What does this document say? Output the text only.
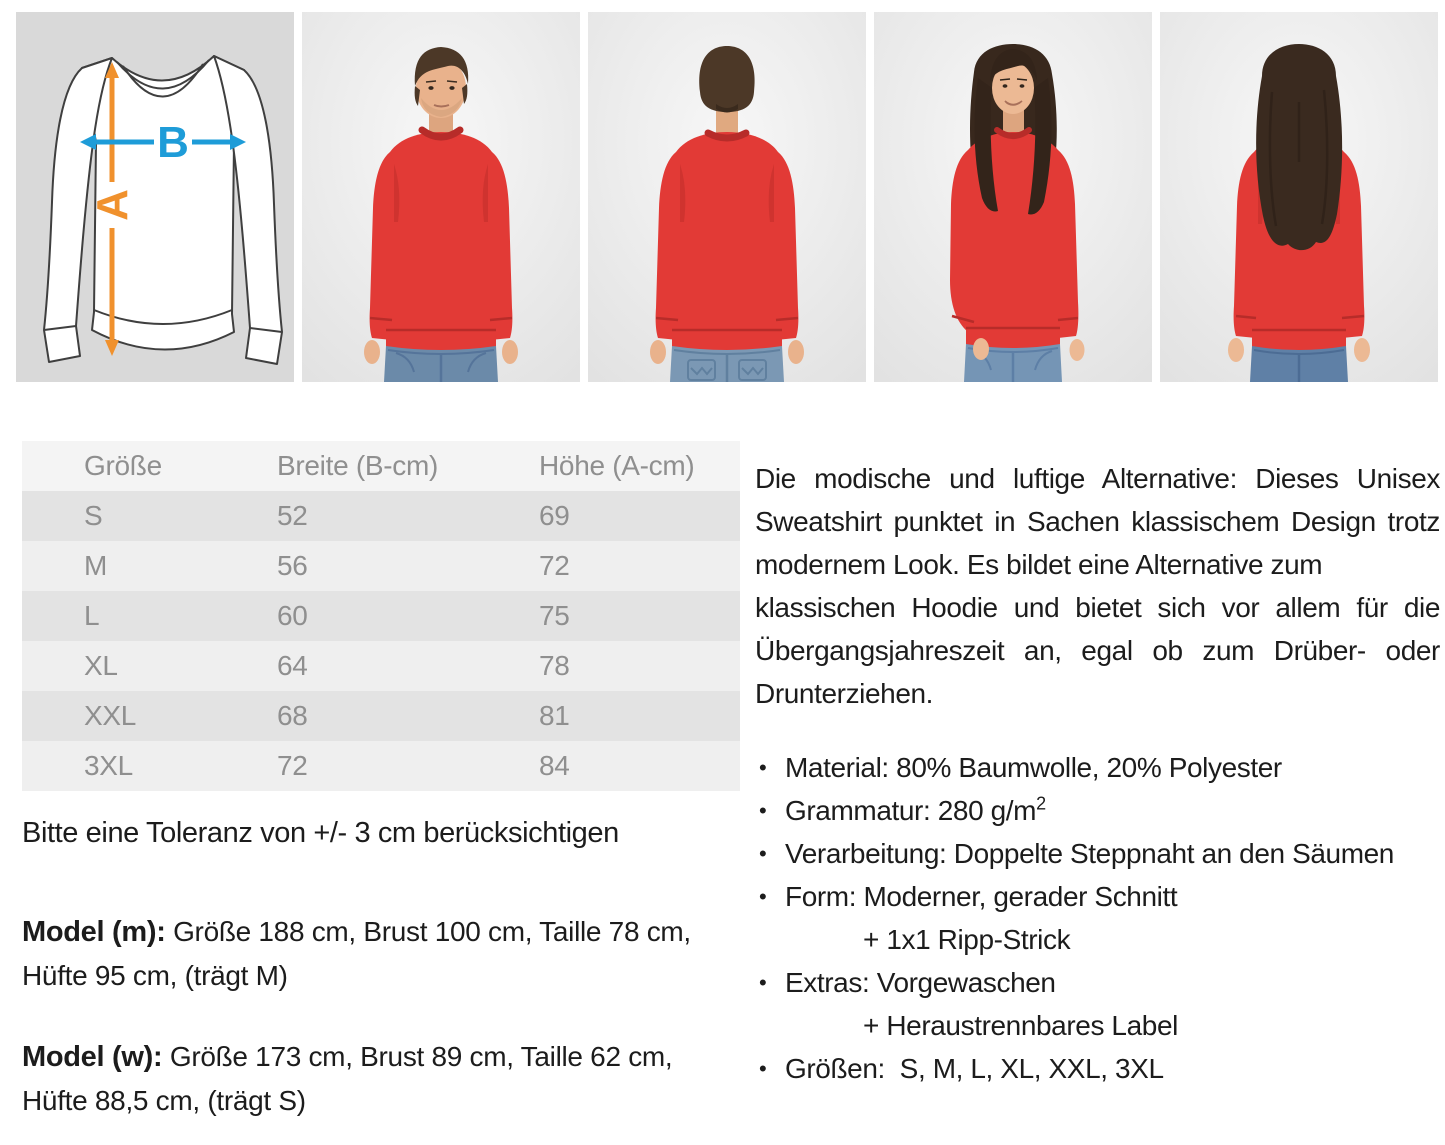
A
B
Größe	Breite (B-cm)	Höhe (A-cm)
S	52	69
M	56	72
L	60	75
XL	64	78
XXL	68	81
3XL	72	84

Bitte eine Toleranz von +/- 3 cm berücksichtigen

Model (m): Größe 188 cm, Brust 100 cm, Taille 78 cm,
Hüfte 95 cm, (trägt M)
Model (w): Größe 173 cm, Brust 89 cm, Taille 62 cm,
Hüfte 88,5 cm, (trägt S)
Die modische und luftige Alternative: Dieses Unisex
Sweatshirt punktet in Sachen klassischem Design trotz
modernem Look. Es bildet eine Alternative zum
klassischen Hoodie und bietet sich vor allem für die
Übergangsjahreszeit an, egal ob zum Drüber- oder
Drunterziehen.
• Material: 80% Baumwolle, 20% Polyester
• Grammatur: 280 $g/m^2$
• Verarbeitung: Doppelte Steppnaht an den Säumen
• Form: Moderner, gerader Schnitt
+ 1x1 Ripp-Strick
• Extras: Vorgewaschen
+ Heraustrennbares Label
• Größen:  S, M, L, XL, XXL, 3XL
